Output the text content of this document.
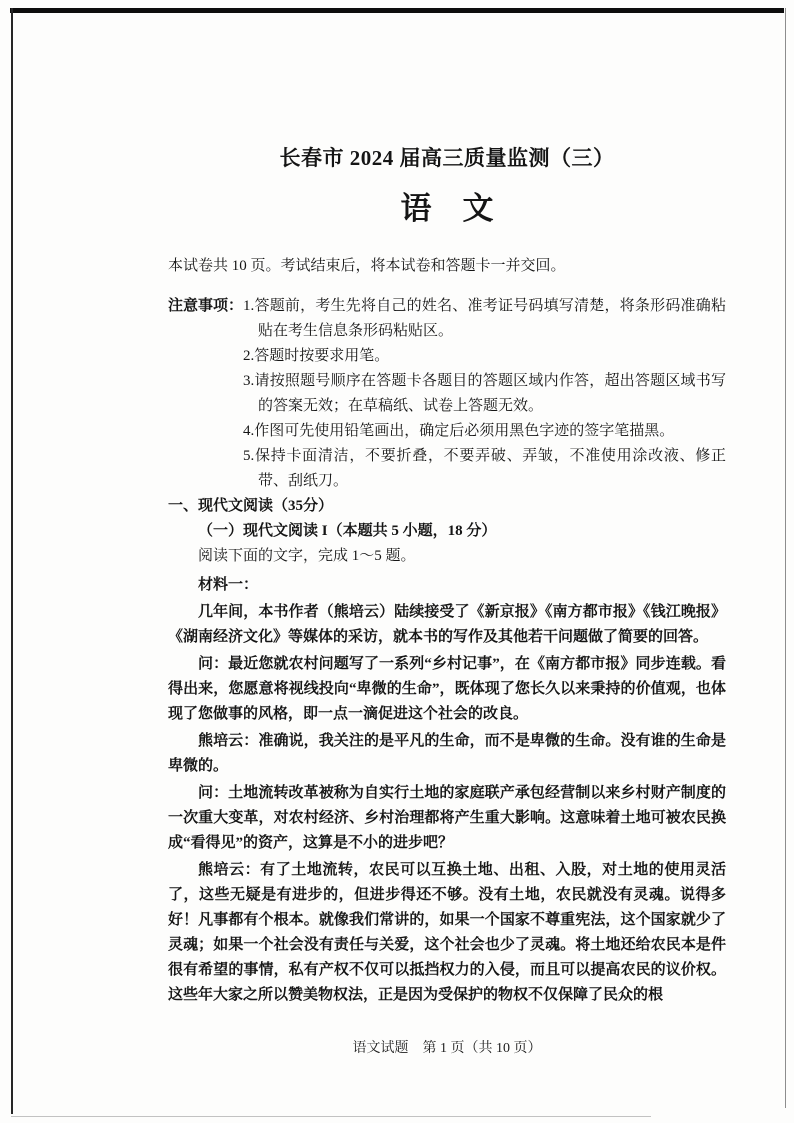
长春市 2024 届高三质量监测（三）
语　文

本试卷共 10 页。考试结束后，将本试卷和答题卡一并交回。

注意事项： 1.答题前，考生先将自己的姓名、准考证号码填写清楚，将条形码准确粘贴在考生信息条形码粘贴区。

2.答题时按要求用笔。

3.请按照题号顺序在答题卡各题目的答题区域内作答，超出答题区域书写的答案无效；在草稿纸、试卷上答题无效。

4.作图可先使用铅笔画出，确定后必须用黑色字迹的签字笔描黑。

5.保持卡面清洁，不要折叠，不要弄破、弄皱，不准使用涂改液、修正带、刮纸刀。

一、现代文阅读（35分）
（一）现代文阅读 I（本题共 5 小题，18 分）

阅读下面的文字，完成 1～5 题。

材料一：

几年间，本书作者（熊培云）陆续接受了《新京报》《南方都市报》《钱江晚报》《湖南经济文化》等媒体的采访，就本书的写作及其他若干问题做了简要的回答。

问：最近您就农村问题写了一系列“乡村记事”，在《南方都市报》同步连载。看得出来，您愿意将视线投向“卑微的生命”，既体现了您长久以来秉持的价值观，也体现了您做事的风格，即一点一滴促进这个社会的改良。

熊培云：准确说，我关注的是平凡的生命，而不是卑微的生命。没有谁的生命是卑微的。

问：土地流转改革被称为自实行土地的家庭联产承包经营制以来乡村财产制度的一次重大变革，对农村经济、乡村治理都将产生重大影响。这意味着土地可被农民换成“看得见”的资产，这算是不小的进步吧？

熊培云：有了土地流转，农民可以互换土地、出租、入股，对土地的使用灵活了，这些无疑是有进步的，但进步得还不够。没有土地，农民就没有灵魂。说得多好！凡事都有个根本。就像我们常讲的，如果一个国家不尊重宪法，这个国家就少了灵魂；如果一个社会没有责任与关爱，这个社会也少了灵魂。将土地还给农民本是件很有希望的事情，私有产权不仅可以抵挡权力的入侵，而且可以提高农民的议价权。这些年大家之所以赞美物权法，正是因为受保护的物权不仅保障了民众的根

语文试题　第 1 页（共 10 页）
